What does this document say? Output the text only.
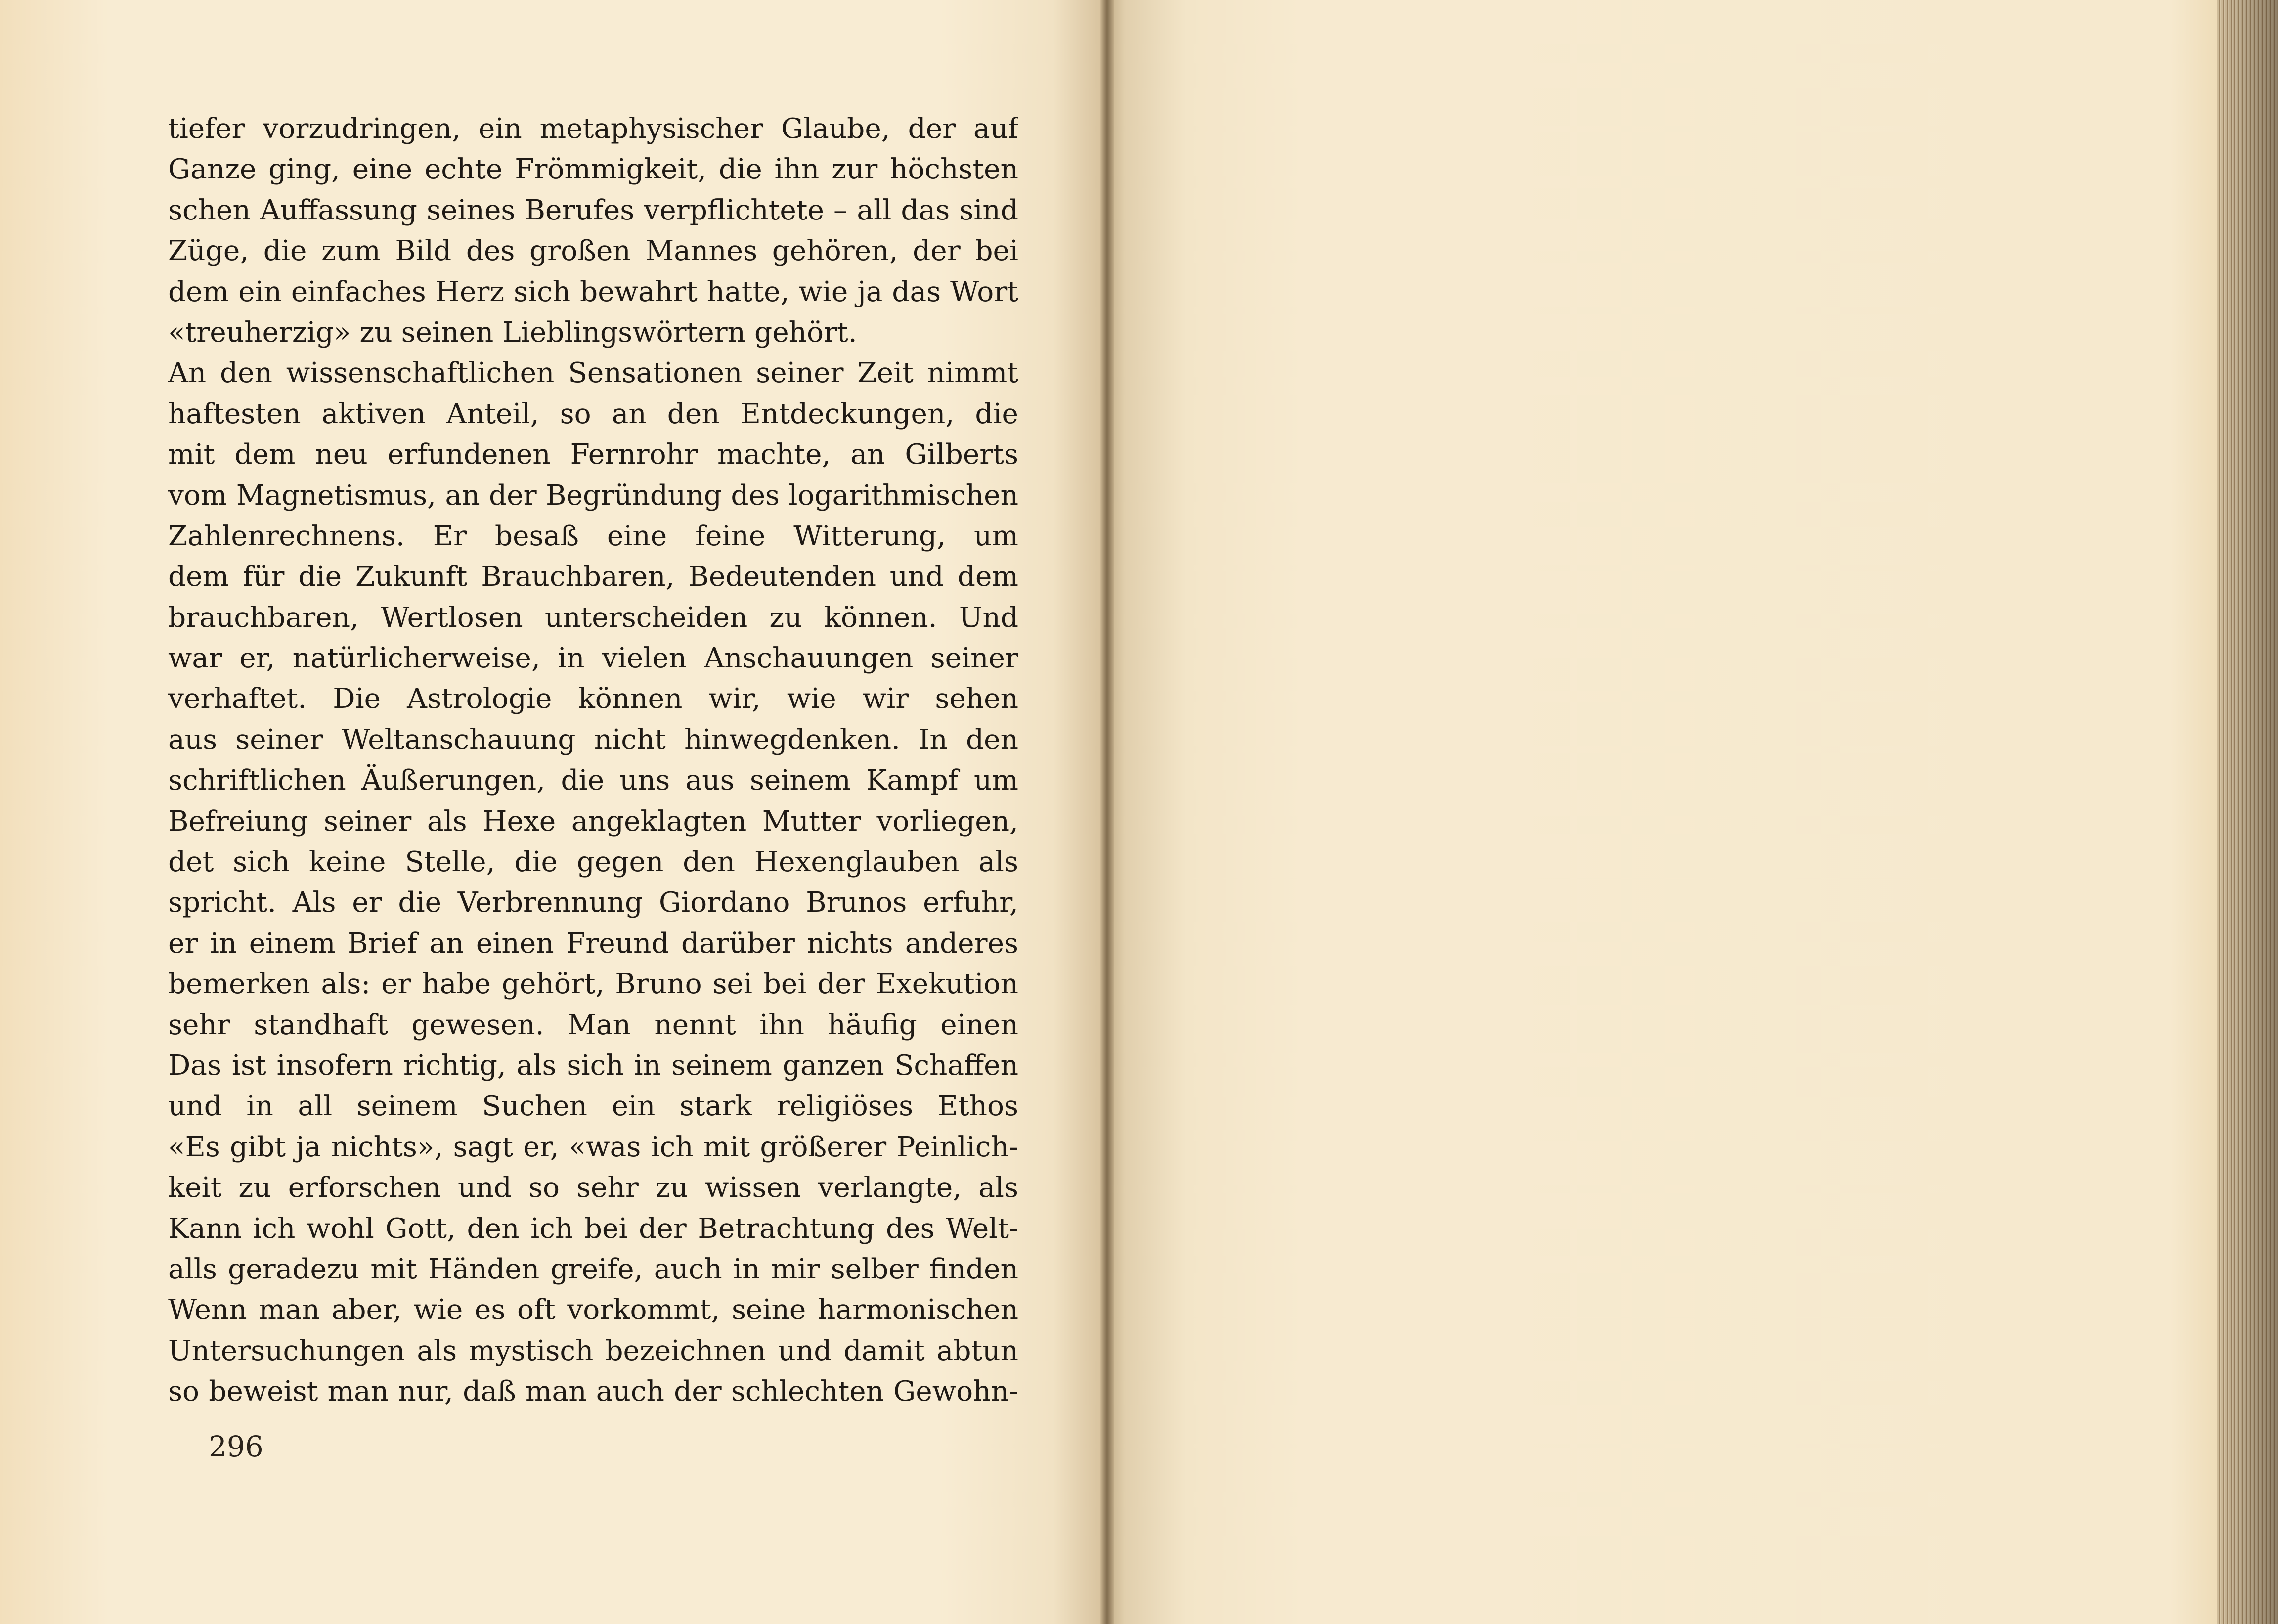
tiefer vorzudringen, ein metaphysischer Glaube, der auf
Ganze ging, eine echte Frömmigkeit, die ihn zur höchsten
schen Auffassung seines Berufes verpflichtete – all das sind
Züge, die zum Bild des großen Mannes gehören, der bei
dem ein einfaches Herz sich bewahrt hatte, wie ja das Wort
«treuherzig» zu seinen Lieblingswörtern gehört.
An den wissenschaftlichen Sensationen seiner Zeit nimmt
haftesten aktiven Anteil, so an den Entdeckungen, die
mit dem neu erfundenen Fernrohr machte, an Gilberts
vom Magnetismus, an der Begründung des logarithmischen
Zahlenrechnens. Er besaß eine feine Witterung, um
dem für die Zukunft Brauchbaren, Bedeutenden und dem
brauchbaren, Wertlosen unterscheiden zu können. Und
war er, natürlicherweise, in vielen Anschauungen seiner
verhaftet. Die Astrologie können wir, wie wir sehen
aus seiner Weltanschauung nicht hinwegdenken. In den
schriftlichen Äußerungen, die uns aus seinem Kampf um
Befreiung seiner als Hexe angeklagten Mutter vorliegen,
det sich keine Stelle, die gegen den Hexenglauben als
spricht. Als er die Verbrennung Giordano Brunos erfuhr,
er in einem Brief an einen Freund darüber nichts anderes
bemerken als: er habe gehört, Bruno sei bei der Exekution
sehr standhaft gewesen. Man nennt ihn häufig einen
Das ist insofern richtig, als sich in seinem ganzen Schaffen
und in all seinem Suchen ein stark religiöses Ethos
«Es gibt ja nichts», sagt er, «was ich mit größerer Peinlich-
keit zu erforschen und so sehr zu wissen verlangte, als
Kann ich wohl Gott, den ich bei der Betrachtung des Welt-
alls geradezu mit Händen greife, auch in mir selber finden
Wenn man aber, wie es oft vorkommt, seine harmonischen
Untersuchungen als mystisch bezeichnen und damit abtun
so beweist man nur, daß man auch der schlechten Gewohn-
296
